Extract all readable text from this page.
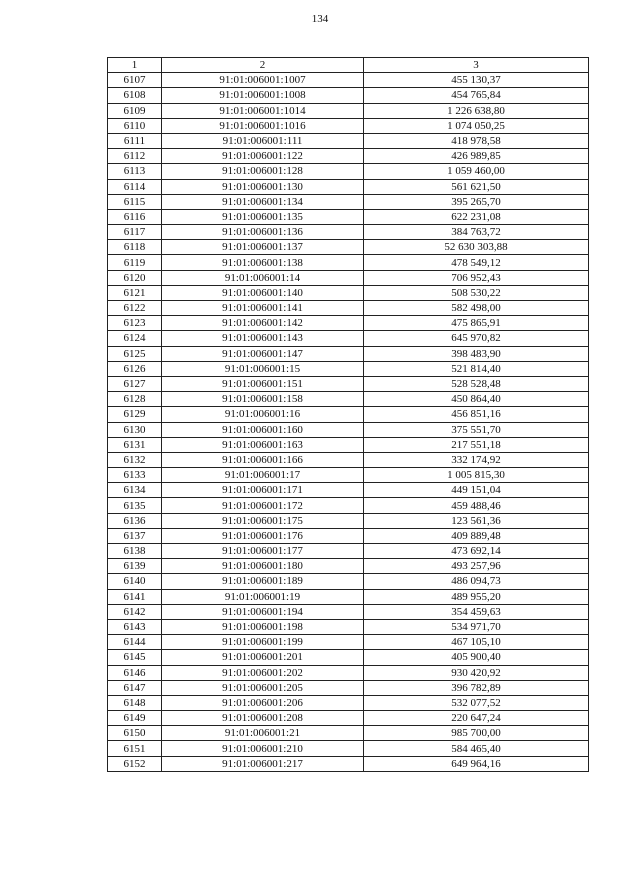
134
1	2	3
6107	91:01:006001:1007	455 130,37
6108	91:01:006001:1008	454 765,84
6109	91:01:006001:1014	1 226 638,80
6110	91:01:006001:1016	1 074 050,25
6111	91:01:006001:111	418 978,58
6112	91:01:006001:122	426 989,85
6113	91:01:006001:128	1 059 460,00
6114	91:01:006001:130	561 621,50
6115	91:01:006001:134	395 265,70
6116	91:01:006001:135	622 231,08
6117	91:01:006001:136	384 763,72
6118	91:01:006001:137	52 630 303,88
6119	91:01:006001:138	478 549,12
6120	91:01:006001:14	706 952,43
6121	91:01:006001:140	508 530,22
6122	91:01:006001:141	582 498,00
6123	91:01:006001:142	475 865,91
6124	91:01:006001:143	645 970,82
6125	91:01:006001:147	398 483,90
6126	91:01:006001:15	521 814,40
6127	91:01:006001:151	528 528,48
6128	91:01:006001:158	450 864,40
6129	91:01:006001:16	456 851,16
6130	91:01:006001:160	375 551,70
6131	91:01:006001:163	217 551,18
6132	91:01:006001:166	332 174,92
6133	91:01:006001:17	1 005 815,30
6134	91:01:006001:171	449 151,04
6135	91:01:006001:172	459 488,46
6136	91:01:006001:175	123 561,36
6137	91:01:006001:176	409 889,48
6138	91:01:006001:177	473 692,14
6139	91:01:006001:180	493 257,96
6140	91:01:006001:189	486 094,73
6141	91:01:006001:19	489 955,20
6142	91:01:006001:194	354 459,63
6143	91:01:006001:198	534 971,70
6144	91:01:006001:199	467 105,10
6145	91:01:006001:201	405 900,40
6146	91:01:006001:202	930 420,92
6147	91:01:006001:205	396 782,89
6148	91:01:006001:206	532 077,52
6149	91:01:006001:208	220 647,24
6150	91:01:006001:21	985 700,00
6151	91:01:006001:210	584 465,40
6152	91:01:006001:217	649 964,16
